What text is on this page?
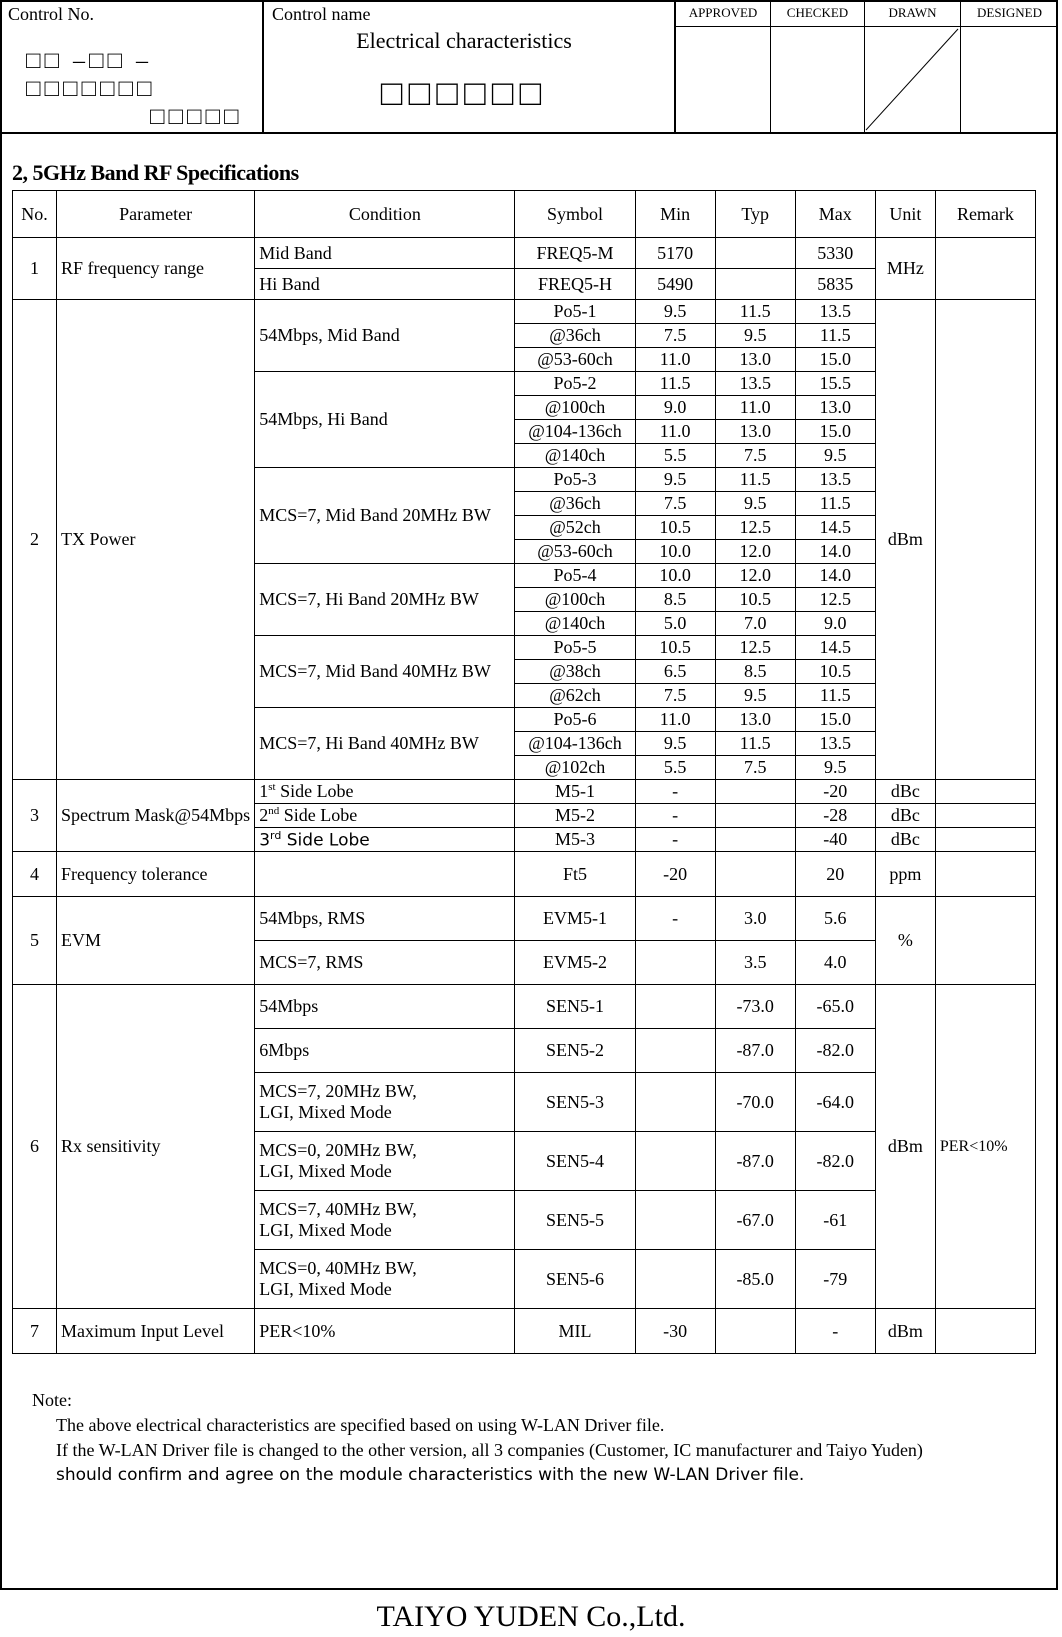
Control No.
□□ –□□ –
□□□□□□□
□□□□□
Control name
Electrical characteristics
□□□□□□
APPROVED	CHECKED	DRAWN	DESIGNED
2, 5GHz Band RF Specifications
No.	Parameter	Condition	Symbol	Min	Typ	Max	Unit	Remark
1	RF frequency range	Mid Band	FREQ5-M	5170		5330	MHz	
		Hi Band	FREQ5-H	5490		5835		
2	TX Power	54Mbps, Mid Band	Po5-1	9.5	11.5	13.5	dBm	
			@36ch	7.5	9.5	11.5		
			@53-60ch	11.0	13.0	15.0		
		54Mbps, Hi Band	Po5-2	11.5	13.5	15.5		
			@100ch	9.0	11.0	13.0		
			@104-136ch	11.0	13.0	15.0		
			@140ch	5.5	7.5	9.5		
		MCS=7, Mid Band 20MHz BW	Po5-3	9.5	11.5	13.5		
			@36ch	7.5	9.5	11.5		
			@52ch	10.5	12.5	14.5		
			@53-60ch	10.0	12.0	14.0		
		MCS=7, Hi Band 20MHz BW	Po5-4	10.0	12.0	14.0		
			@100ch	8.5	10.5	12.5		
			@140ch	5.0	7.0	9.0		
		MCS=7, Mid Band 40MHz BW	Po5-5	10.5	12.5	14.5		
			@38ch	6.5	8.5	10.5		
			@62ch	7.5	9.5	11.5		
		MCS=7, Hi Band 40MHz BW	Po5-6	11.0	13.0	15.0		
			@104-136ch	9.5	11.5	13.5		
			@102ch	5.5	7.5	9.5		
3	Spectrum Mask@54Mbps	1st Side Lobe	M5-1	-		-20	dBc	
		2nd Side Lobe	M5-2	-		-28	dBc	
		3rd Side Lobe	M5-3	-		-40	dBc	
4	Frequency tolerance		Ft5	-20		20	ppm	
5	EVM	54Mbps, RMS	EVM5-1	-	3.0	5.6	%	
		MCS=7, RMS	EVM5-2		3.5	4.0		
6	Rx sensitivity	54Mbps	SEN5-1		-73.0	-65.0	dBm	PER<10%

		6Mbps	SEN5-2		-87.0	-82.0		

		MCS=7, 20MHz BW,
LGI, Mixed Mode	SEN5-3		-70.0	-64.0		

		MCS=0, 20MHz BW,
LGI, Mixed Mode	SEN5-4		-87.0	-82.0		

		MCS=7, 40MHz BW,
LGI, Mixed Mode	SEN5-5		-67.0	-61		

		MCS=0, 40MHz BW,
LGI, Mixed Mode	SEN5-6		-85.0	-79		
7	Maximum Input Level	PER<10%	MIL	-30		-	dBm	
Note:
The above electrical characteristics are specified based on using W-LAN Driver file.
If the W-LAN Driver file is changed to the other version, all 3 companies (Customer, IC manufacturer and Taiyo Yuden)
should confirm and agree on the module characteristics with the new W-LAN Driver file.
TAIYO YUDEN Co.,Ltd.
